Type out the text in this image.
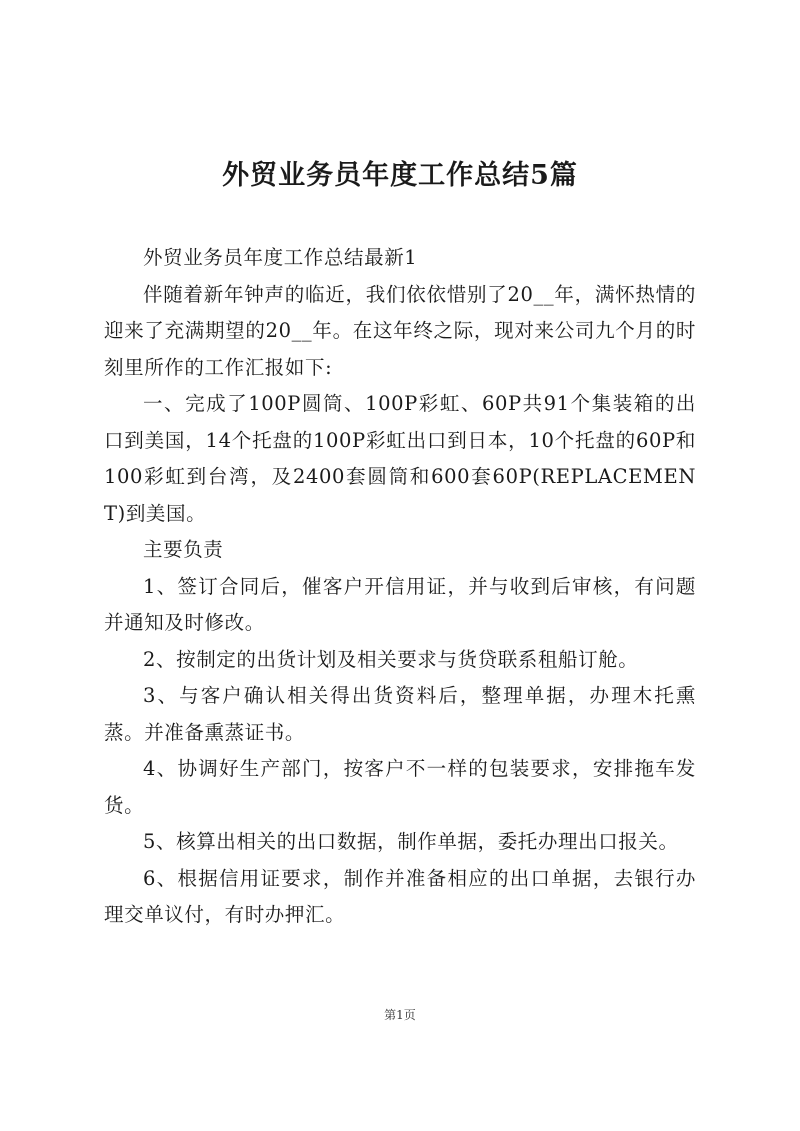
外贸业务员年度工作总结5篇

外贸业务员年度工作总结最新1

伴随着新年钟声的临近，我们依依惜别了20__年，满怀热情的迎来了充满期望的20__年。在这年终之际，现对来公司九个月的时刻里所作的工作汇报如下:

一、完成了100P圆筒、100P彩虹、60P共91个集装箱的出口到美国，14个托盘的100P彩虹出口到日本，10个托盘的60P和100彩虹到台湾，及2400套圆筒和600套60P(REPLACEMENT)到美国。

主要负责

1、签订合同后，催客户开信用证，并与收到后审核，有问题并通知及时修改。

2、按制定的出货计划及相关要求与货贷联系租船订舱。

3、与客户确认相关得出货资料后，整理单据，办理木托熏蒸。并准备熏蒸证书。

4、协调好生产部门，按客户不一样的包装要求，安排拖车发货。

5、核算出相关的出口数据，制作单据，委托办理出口报关。

6、根据信用证要求，制作并准备相应的出口单据，去银行办理交单议付，有时办押汇。

第1页
